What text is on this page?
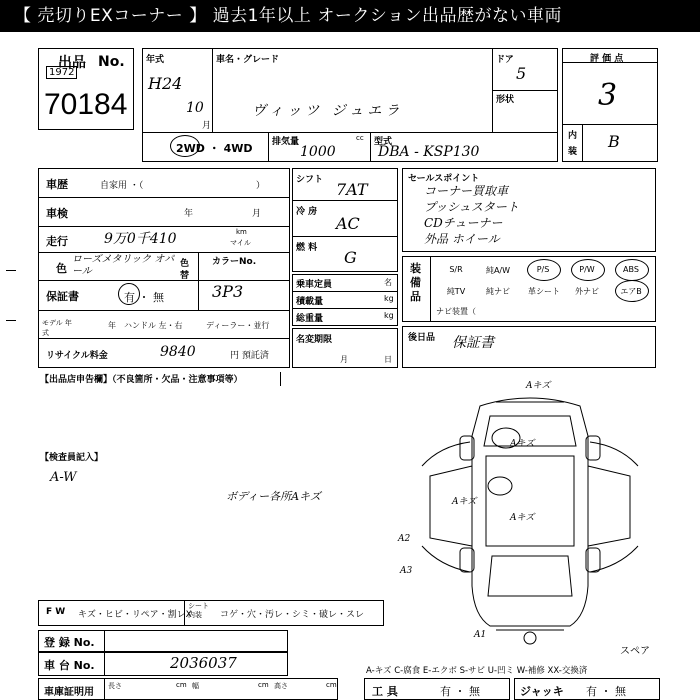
【 売切りEXコーナー 】 過去1年以上 オークション出品歴がない車両
出品 No.
1972
70184
年式
H24
10
月
車名・グレード
ヴィッツ ジュエラ
ドア
5
形状
2WD ・ 4WD 排気量	cc
1000
型式
DBA - KSP130
評 価 点
3
内
装
B
車歴	自家用 ・（	）
車検	年	月
走行	9万0千410	km
マイル
色
ローズメタリック オパール
色
替
カラーNo.
3P3
保証書	有 ・ 無
モデル 年式
年 ハンドル 左・右	ディーラー・並行
リサイクル料金	9840	円 預託済
シフト 7AT
冷 房
AC
燃 料 G
乗車定員	名
積載量	kg
総重量	kg
名変期限
月	日
セールスポイント
コーナー買取車
プッシュスタート
CDチューナー
外品 ホイール
装 備 品
S/R	純A/W	P/S	P/W	ABS
純TV	純ナビ	革シート	外ナビ	エアB
ナビ装置（
後日品 保証書
【出品店申告欄】（不良箇所・欠品・注意事項等）
【検査員記入】
A-W
ボディー各所Aキズ
Aキズ
Aキズ
Aキズ
Aキズ
A2
A3
A1
スペア
F W キズ・ヒビ・リペア・割レX
シート 内装	コゲ・穴・汚レ・シミ・破レ・スレ
登 録 No.
車 台 No.	2036037
車庫証明用
長さ	cm 幅	cm 高さ	cm
A-キズ C-腐食 E-エクボ S-サビ U-凹ミ W-補修 XX-交換済
工 具	有 ・ 無	ジャッキ 有 ・ 無
